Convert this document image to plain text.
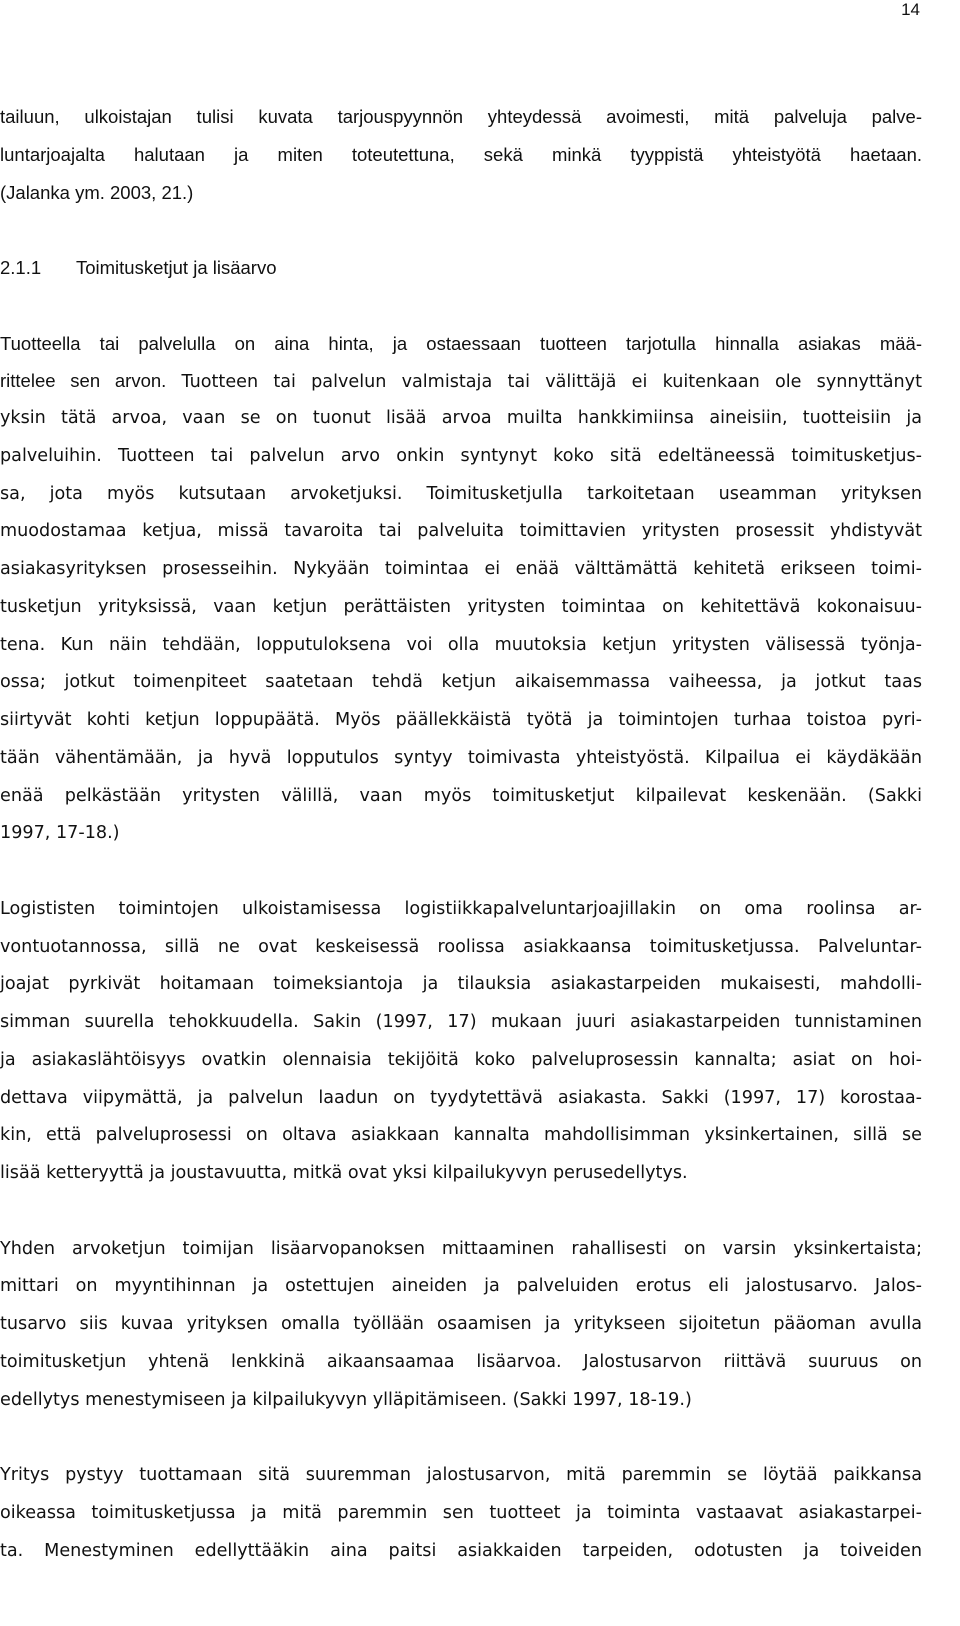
14
tailuun, ulkoistajan tulisi kuvata tarjouspyynnön yhteydessä avoimesti, mitä palveluja palve-
luntarjoajalta halutaan ja miten toteutettuna, sekä minkä tyyppistä yhteistyötä haetaan.
(Jalanka ym. 2003, 21.)
2.1.1 Toimitusketjut ja lisäarvo
Tuotteella tai palvelulla on aina hinta, ja ostaessaan tuotteen tarjotulla hinnalla asiakas mää-
rittelee sen arvon. Tuotteen tai palvelun valmistaja tai välittäjä ei kuitenkaan ole synnyttänyt
yksin tätä arvoa, vaan se on tuonut lisää arvoa muilta hankkimiinsa aineisiin, tuotteisiin ja
palveluihin. Tuotteen tai palvelun arvo onkin syntynyt koko sitä edeltäneessä toimitusketjus-
sa, jota myös kutsutaan arvoketjuksi. Toimitusketjulla tarkoitetaan useamman yrityksen
muodostamaa ketjua, missä tavaroita tai palveluita toimittavien yritysten prosessit yhdistyvät
asiakasyrityksen prosesseihin. Nykyään toimintaa ei enää välttämättä kehitetä erikseen toimi-
tusketjun yrityksissä, vaan ketjun perättäisten yritysten toimintaa on kehitettävä kokonaisuu-
tena. Kun näin tehdään, lopputuloksena voi olla muutoksia ketjun yritysten välisessä työnja-
ossa; jotkut toimenpiteet saatetaan tehdä ketjun aikaisemmassa vaiheessa, ja jotkut taas
siirtyvät kohti ketjun loppupäätä. Myös päällekkäistä työtä ja toimintojen turhaa toistoa pyri-
tään vähentämään, ja hyvä lopputulos syntyy toimivasta yhteistyöstä. Kilpailua ei käydäkään
enää pelkästään yritysten välillä, vaan myös toimitusketjut kilpailevat keskenään. (Sakki
1997, 17-18.)
Logististen toimintojen ulkoistamisessa logistiikkapalveluntarjoajillakin on oma roolinsa ar-
vontuotannossa, sillä ne ovat keskeisessä roolissa asiakkaansa toimitusketjussa. Palveluntar-
joajat pyrkivät hoitamaan toimeksiantoja ja tilauksia asiakastarpeiden mukaisesti, mahdolli-
simman suurella tehokkuudella. Sakin (1997, 17) mukaan juuri asiakastarpeiden tunnistaminen
ja asiakaslähtöisyys ovatkin olennaisia tekijöitä koko palveluprosessin kannalta; asiat on hoi-
dettava viipymättä, ja palvelun laadun on tyydytettävä asiakasta. Sakki (1997, 17) korostaa-
kin, että palveluprosessi on oltava asiakkaan kannalta mahdollisimman yksinkertainen, sillä se
lisää ketteryyttä ja joustavuutta, mitkä ovat yksi kilpailukyvyn perusedellytys.
Yhden arvoketjun toimijan lisäarvopanoksen mittaaminen rahallisesti on varsin yksinkertaista;
mittari on myyntihinnan ja ostettujen aineiden ja palveluiden erotus eli jalostusarvo. Jalos-
tusarvo siis kuvaa yrityksen omalla työllään osaamisen ja yritykseen sijoitetun pääoman avulla
toimitusketjun yhtenä lenkkinä aikaansaamaa lisäarvoa. Jalostusarvon riittävä suuruus on
edellytys menestymiseen ja kilpailukyvyn ylläpitämiseen. (Sakki 1997, 18-19.)
Yritys pystyy tuottamaan sitä suuremman jalostusarvon, mitä paremmin se löytää paikkansa
oikeassa toimitusketjussa ja mitä paremmin sen tuotteet ja toiminta vastaavat asiakastarpei-
ta. Menestyminen edellyttääkin aina paitsi asiakkaiden tarpeiden, odotusten ja toiveiden
